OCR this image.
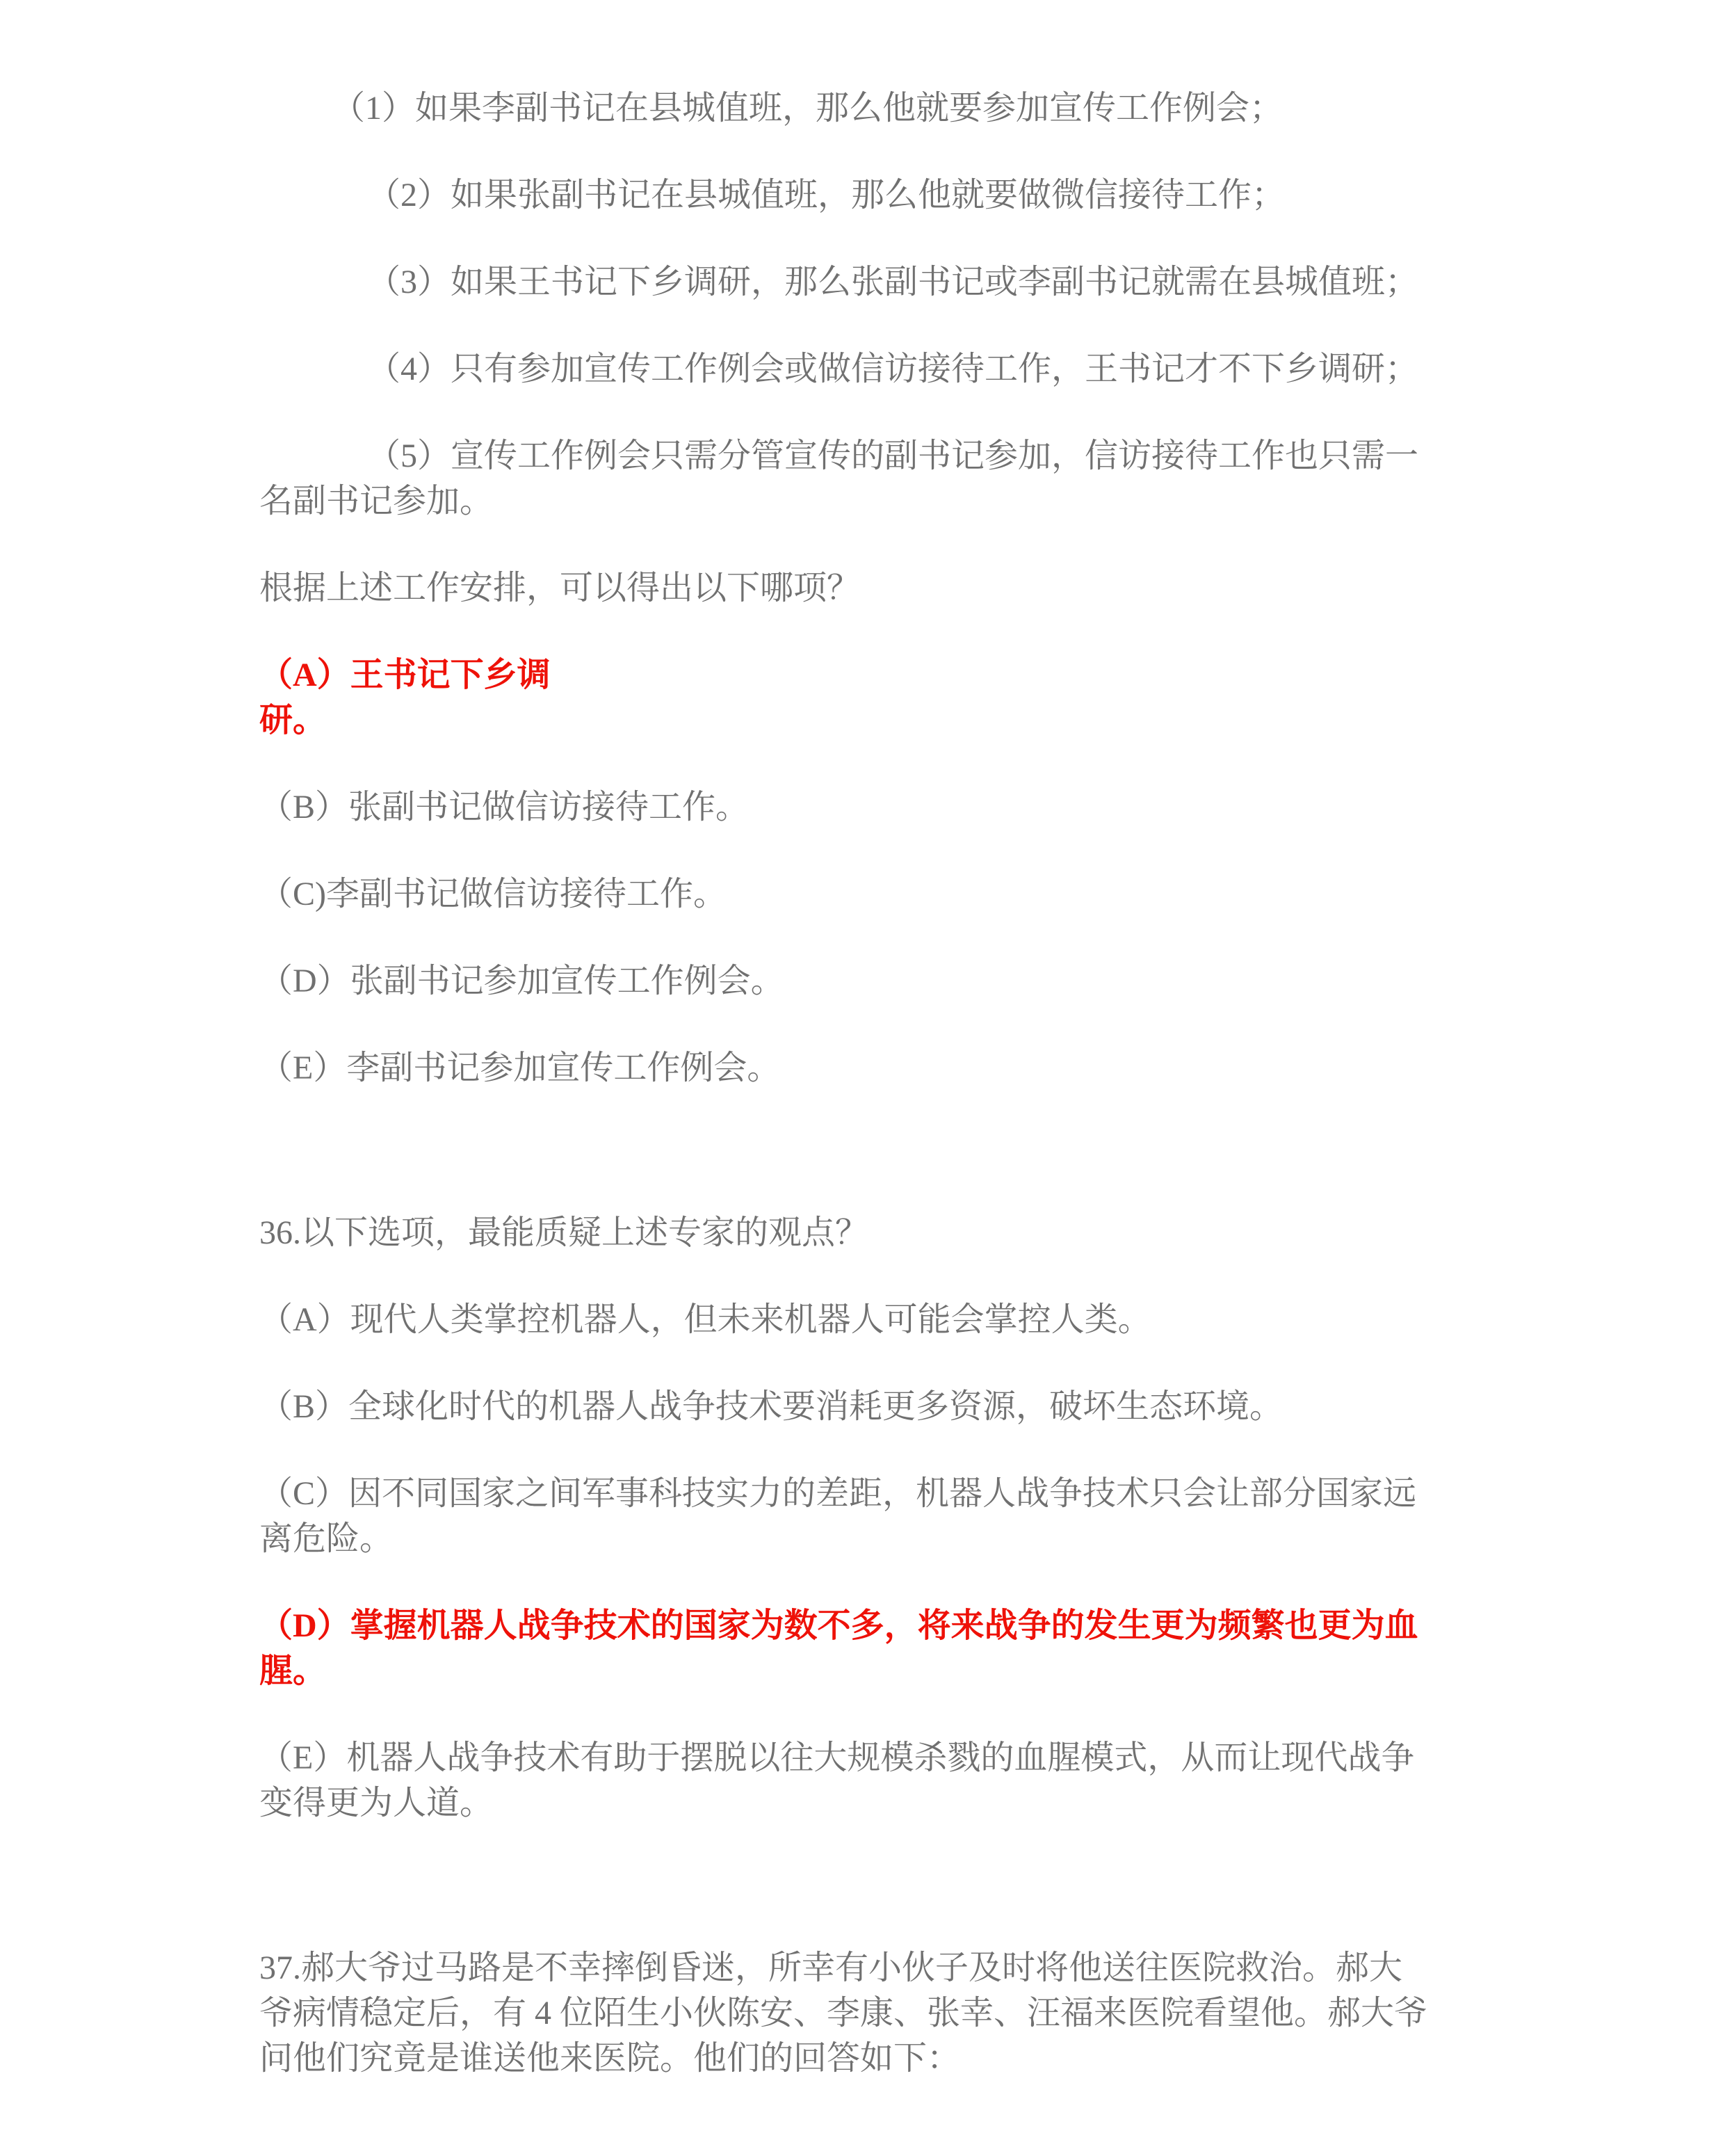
（1）如果李副书记在县城值班，那么他就要参加宣传工作例会；

（2）如果张副书记在县城值班，那么他就要做微信接待工作；

（3）如果王书记下乡调研，那么张副书记或李副书记就需在县城值班；

（4）只有参加宣传工作例会或做信访接待工作，王书记才不下乡调研；

（5）宣传工作例会只需分管宣传的副书记参加，信访接待工作也只需一

名副书记参加。

根据上述工作安排，可以得出以下哪项？

（A）王书记下乡调

研。

（B）张副书记做信访接待工作。

（C)李副书记做信访接待工作。

（D）张副书记参加宣传工作例会。

（E）李副书记参加宣传工作例会。

36.以下选项，最能质疑上述专家的观点？

（A）现代人类掌控机器人，但未来机器人可能会掌控人类。

（B）全球化时代的机器人战争技术要消耗更多资源，破坏生态环境。

（C）因不同国家之间军事科技实力的差距，机器人战争技术只会让部分国家远

离危险。

（D）掌握机器人战争技术的国家为数不多，将来战争的发生更为频繁也更为血

腥。

（E）机器人战争技术有助于摆脱以往大规模杀戮的血腥模式，从而让现代战争

变得更为人道。

37.郝大爷过马路是不幸摔倒昏迷，所幸有小伙子及时将他送往医院救治。郝大

爷病情稳定后，有 4 位陌生小伙陈安、李康、张幸、汪福来医院看望他。郝大爷

问他们究竟是谁送他来医院。他们的回答如下：
